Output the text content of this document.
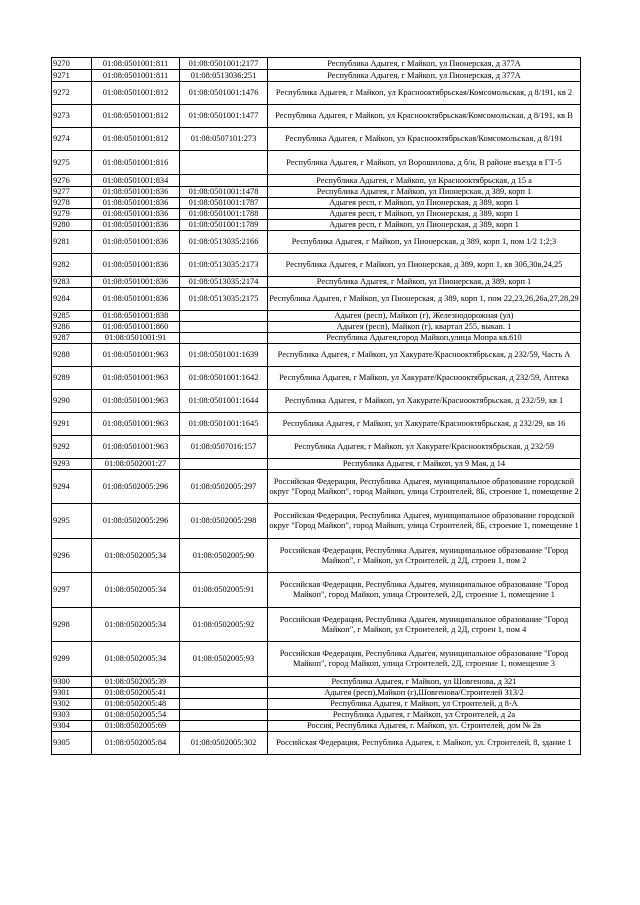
9270	01:08:0501001:811	01:08:0501001:2177	Республика Адыгея, г Майкоп, ул Пионерская, д 377А
9271	01:08:0501001:811	01:08:0513036:251	Республика Адыгея, г Майкоп, ул Пионерская, д 377А
9272	01:08:0501001:812	01:08:0501001:1476	Республика Адыгея, г Майкоп, ул Краснооктябрьская/Комсомольская, д 8/191, кв 2
9273	01:08:0501001:812	01:08:0501001:1477	Республика Адыгея, г Майкоп, ул Краснооктябрьская/Комсомольская, д 8/191, кв В
9274	01:08:0501001:812	01:08:0507101:273	Республика Адыгея, г Майкоп, ул Краснооктябрьская/Комсомольская, д 8/191
9275	01:08:0501001:816		Республика Адыгея, г Майкоп, ул Ворошилова, д б/н, В районе въезда в ГТ-5
9276	01:08:0501001:834		Республика Адыгея, г Майкоп, ул Краснооктябрьская, д 15 а
9277	01:08:0501001:836	01:08:0501001:1478	Республика Адыгея, г Майкоп, ул Пионерская, д 389, корп 1
9278	01:08:0501001:836	01:08:0501001:1787	Адыгея респ, г Майкоп, ул Пионерская, д 389, корп 1
9279	01:08:0501001:836	01:08:0501001:1788	Адыгея респ, г Майкоп, ул Пионерская, д 389, корп 1
9280	01:08:0501001:836	01:08:0501001:1789	Адыгея респ, г Майкоп, ул Пионерская, д 389, корп 1
9281	01:08:0501001:836	01:08:0513035:2166	Республика Адыгея, г Майкоп, ул Пионерская, д 389, корп 1, пом 1/2 1;2;3
9282	01:08:0501001:836	01:08:0513035:2173	Республика Адыгея, г Майкоп, ул Пионерская, д 389, корп 1, кв 30б,30в,24,25
9283	01:08:0501001:836	01:08:0513035:2174	Республика Адыгея, г Майкоп, ул Пионерская, д 389, корп 1
9284	01:08:0501001:836	01:08:0513035:2175	Республика Адыгея, г Майкоп, ул Пионерская, д 389, корп 1, пом 22,23,26,26а,27,28,29
9285	01:08:0501001:838		Адыгея (респ), Майкоп (г), Железнодорожная (ул)
9286	01:08:0501001:860		Адыгея (респ), Майкоп (г), квартал 255, выкап. 1
9287	01:08:0501001:91		Республика Адыгея,город Майкоп,улица Мопра кв.610
9288	01:08:0501001:963	01:08:0501001:1639	Республика Адыгея, г Майкоп, ул Хакурате/Краснооктябрьская, д 232/59, Часть А
9289	01:08:0501001:963	01:08:0501001:1642	Республика Адыгея, г Майкоп, ул Хакурате/Краснооктябрьская, д 232/59, Аптека
9290	01:08:0501001:963	01:08:0501001:1644	Республика Адыгея, г Майкоп, ул Хакурате/Краснооктябрьская, д 232/59, кв 1
9291	01:08:0501001:963	01:08:0501001:1645	Республика Адыгея, г Майкоп, ул Хакурате/Краснооктябрьская, д 232/29, кв 16
9292	01:08:0501001:963	01:08:0507016:157	Республика Адыгея, г Майкоп, ул Хакурате/Краснооктябрьская, д 232/59
9293	01:08:0502001:27		Республика Адыгея, г Майкоп, ул 9 Мая, д 14
9294	01:08:0502005:296	01:08:0502005:297	Российская Федерация, Республика Адыгея, муниципальное образование городской округ "Город Майкоп", город Майкоп, улица Строителей, 8Б, строение 1, помещение 2
9295	01:08:0502005:296	01:08:0502005:298	Российская Федерация, Республика Адыгея, муниципальное образование городской округ "Город Майкоп", город Майкоп, улица Строителей, 8Б, строение 1, помещение 1
9296	01:08:0502005:34	01:08:0502005:90	Российская Федерация, Республика Адыгея, муниципальное образование "Город Майкоп", г Майкоп, ул Строителей, д 2Д, строен 1, пом 2
9297	01:08:0502005:34	01:08:0502005:91	Российская Федерация, Республика Адыгея, муниципальное образование "Город Майкоп", город Майкоп, улица Строителей, 2Д, строение 1, помещение 1
9298	01:08:0502005:34	01:08:0502005:92	Российская Федерация, Республика Адыгея, муниципальное образование "Город Майкоп", г Майкоп, ул Строителей, д 2Д, строен 1, пом 4
9299	01:08:0502005:34	01:08:0502005:93	Российская Федерация, Республика Адыгея, муниципальное образование "Город Майкоп", город Майкоп, улица Строителей, 2Д, строение 1, помещение 3
9300	01:08:0502005:39		Республика Адыгея, г Майкоп, ул Шовгенова, д 321
9301	01:08:0502005:41		Адыгея (респ),Майкоп (г),Шовгенова/Строителей 313/2
9302	01:08:0502005:48		Республика Адыгея, г Майкоп, ул Строителей, д 8-А
9303	01:08:0502005:54		Республика Адыгея, г Майкоп, ул Строителей, д 2а
9304	01:08:0502005:69		Россия, Республика Адыгея, г. Майкоп, ул. Строителей, дом № 2в
9305	01:08:0502005:84	01:08:0502005:302	Российская Федерация, Республика Адыгея, г. Майкоп, ул. Строителей, 8, здание 1
